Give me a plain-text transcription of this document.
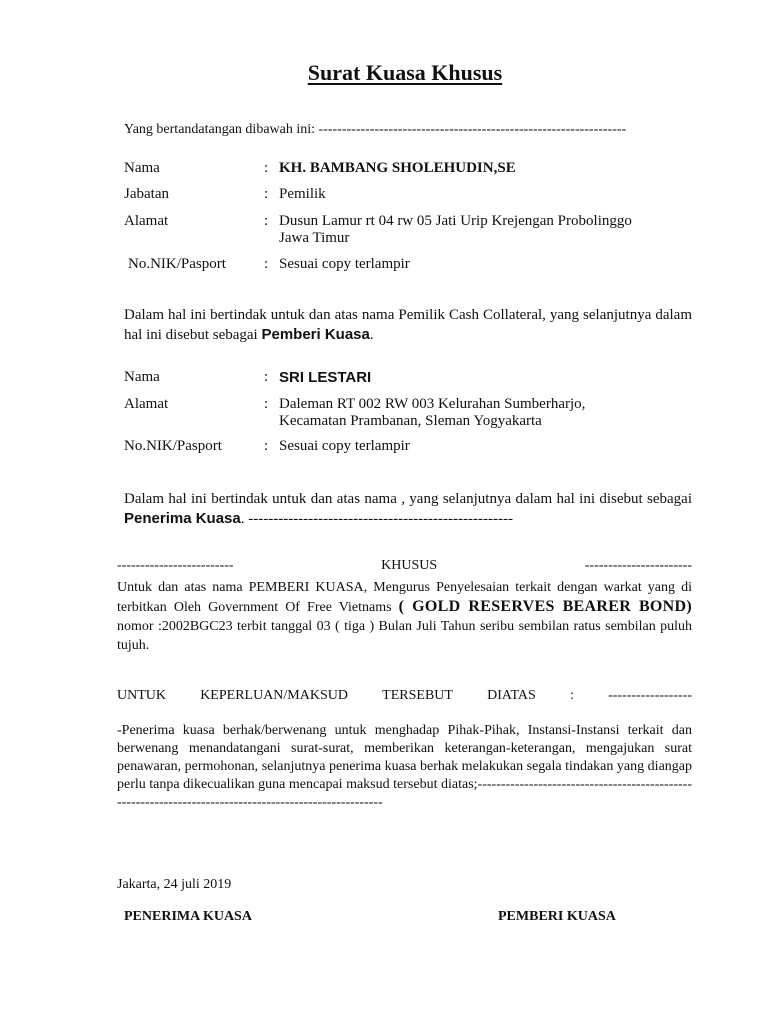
Surat Kuasa Khusus
Yang bertandatangan dibawah ini: ------------------------------------------------------------------
Nama	: KH. BAMBANG SHOLEHUDIN,SE
Jabatan	: Pemilik
Alamat	: Dusun Lamur rt 04 rw 05 Jati Urip Krejengan Probolinggo
Jawa Timur
No.NIK/Pasport	: Sesuai copy terlampir
Dalam hal ini bertindak untuk dan atas nama Pemilik Cash Collateral, yang selanjutnya dalam hal ini disebut sebagai Pemberi Kuasa.
Nama	: SRI LESTARI
Alamat	: Daleman RT 002 RW 003 Kelurahan Sumberharjo,
Kecamatan Prambanan, Sleman Yogyakarta
No.NIK/Pasport	: Sesuai copy terlampir
Dalam hal ini bertindak untuk dan atas nama , yang selanjutnya dalam hal ini disebut sebagai Penerima Kuasa. -----------------------------------------------------
-------------------------	KHUSUS	-----------------------
Untuk dan atas nama PEMBERI KUASA, Mengurus Penyelesaian terkait dengan warkat yang di terbitkan Oleh Government Of Free Vietnams ( GOLD RESERVES BEARER BOND) nomor :2002BGC23 terbit tanggal 03 ( tiga ) Bulan Juli Tahun seribu sembilan ratus sembilan puluh tujuh.
UNTUK KEPERLUAN/MAKSUD TERSEBUT DIATAS : ------------------
-Penerima kuasa berhak/berwenang untuk menghadap Pihak-Pihak, Instansi-Instansi terkait dan berwenang menandatangani surat-surat, memberikan keterangan-keterangan, mengajukan surat penawaran, permohonan, selanjutnya penerima kuasa berhak melakukan segala tindakan yang diangap perlu tanpa dikecualikan guna mencapai maksud tersebut diatas;-------------------------------------------------------------------------------------------------------
Jakarta, 24 juli 2019
PENERIMA KUASA	PEMBERI KUASA
